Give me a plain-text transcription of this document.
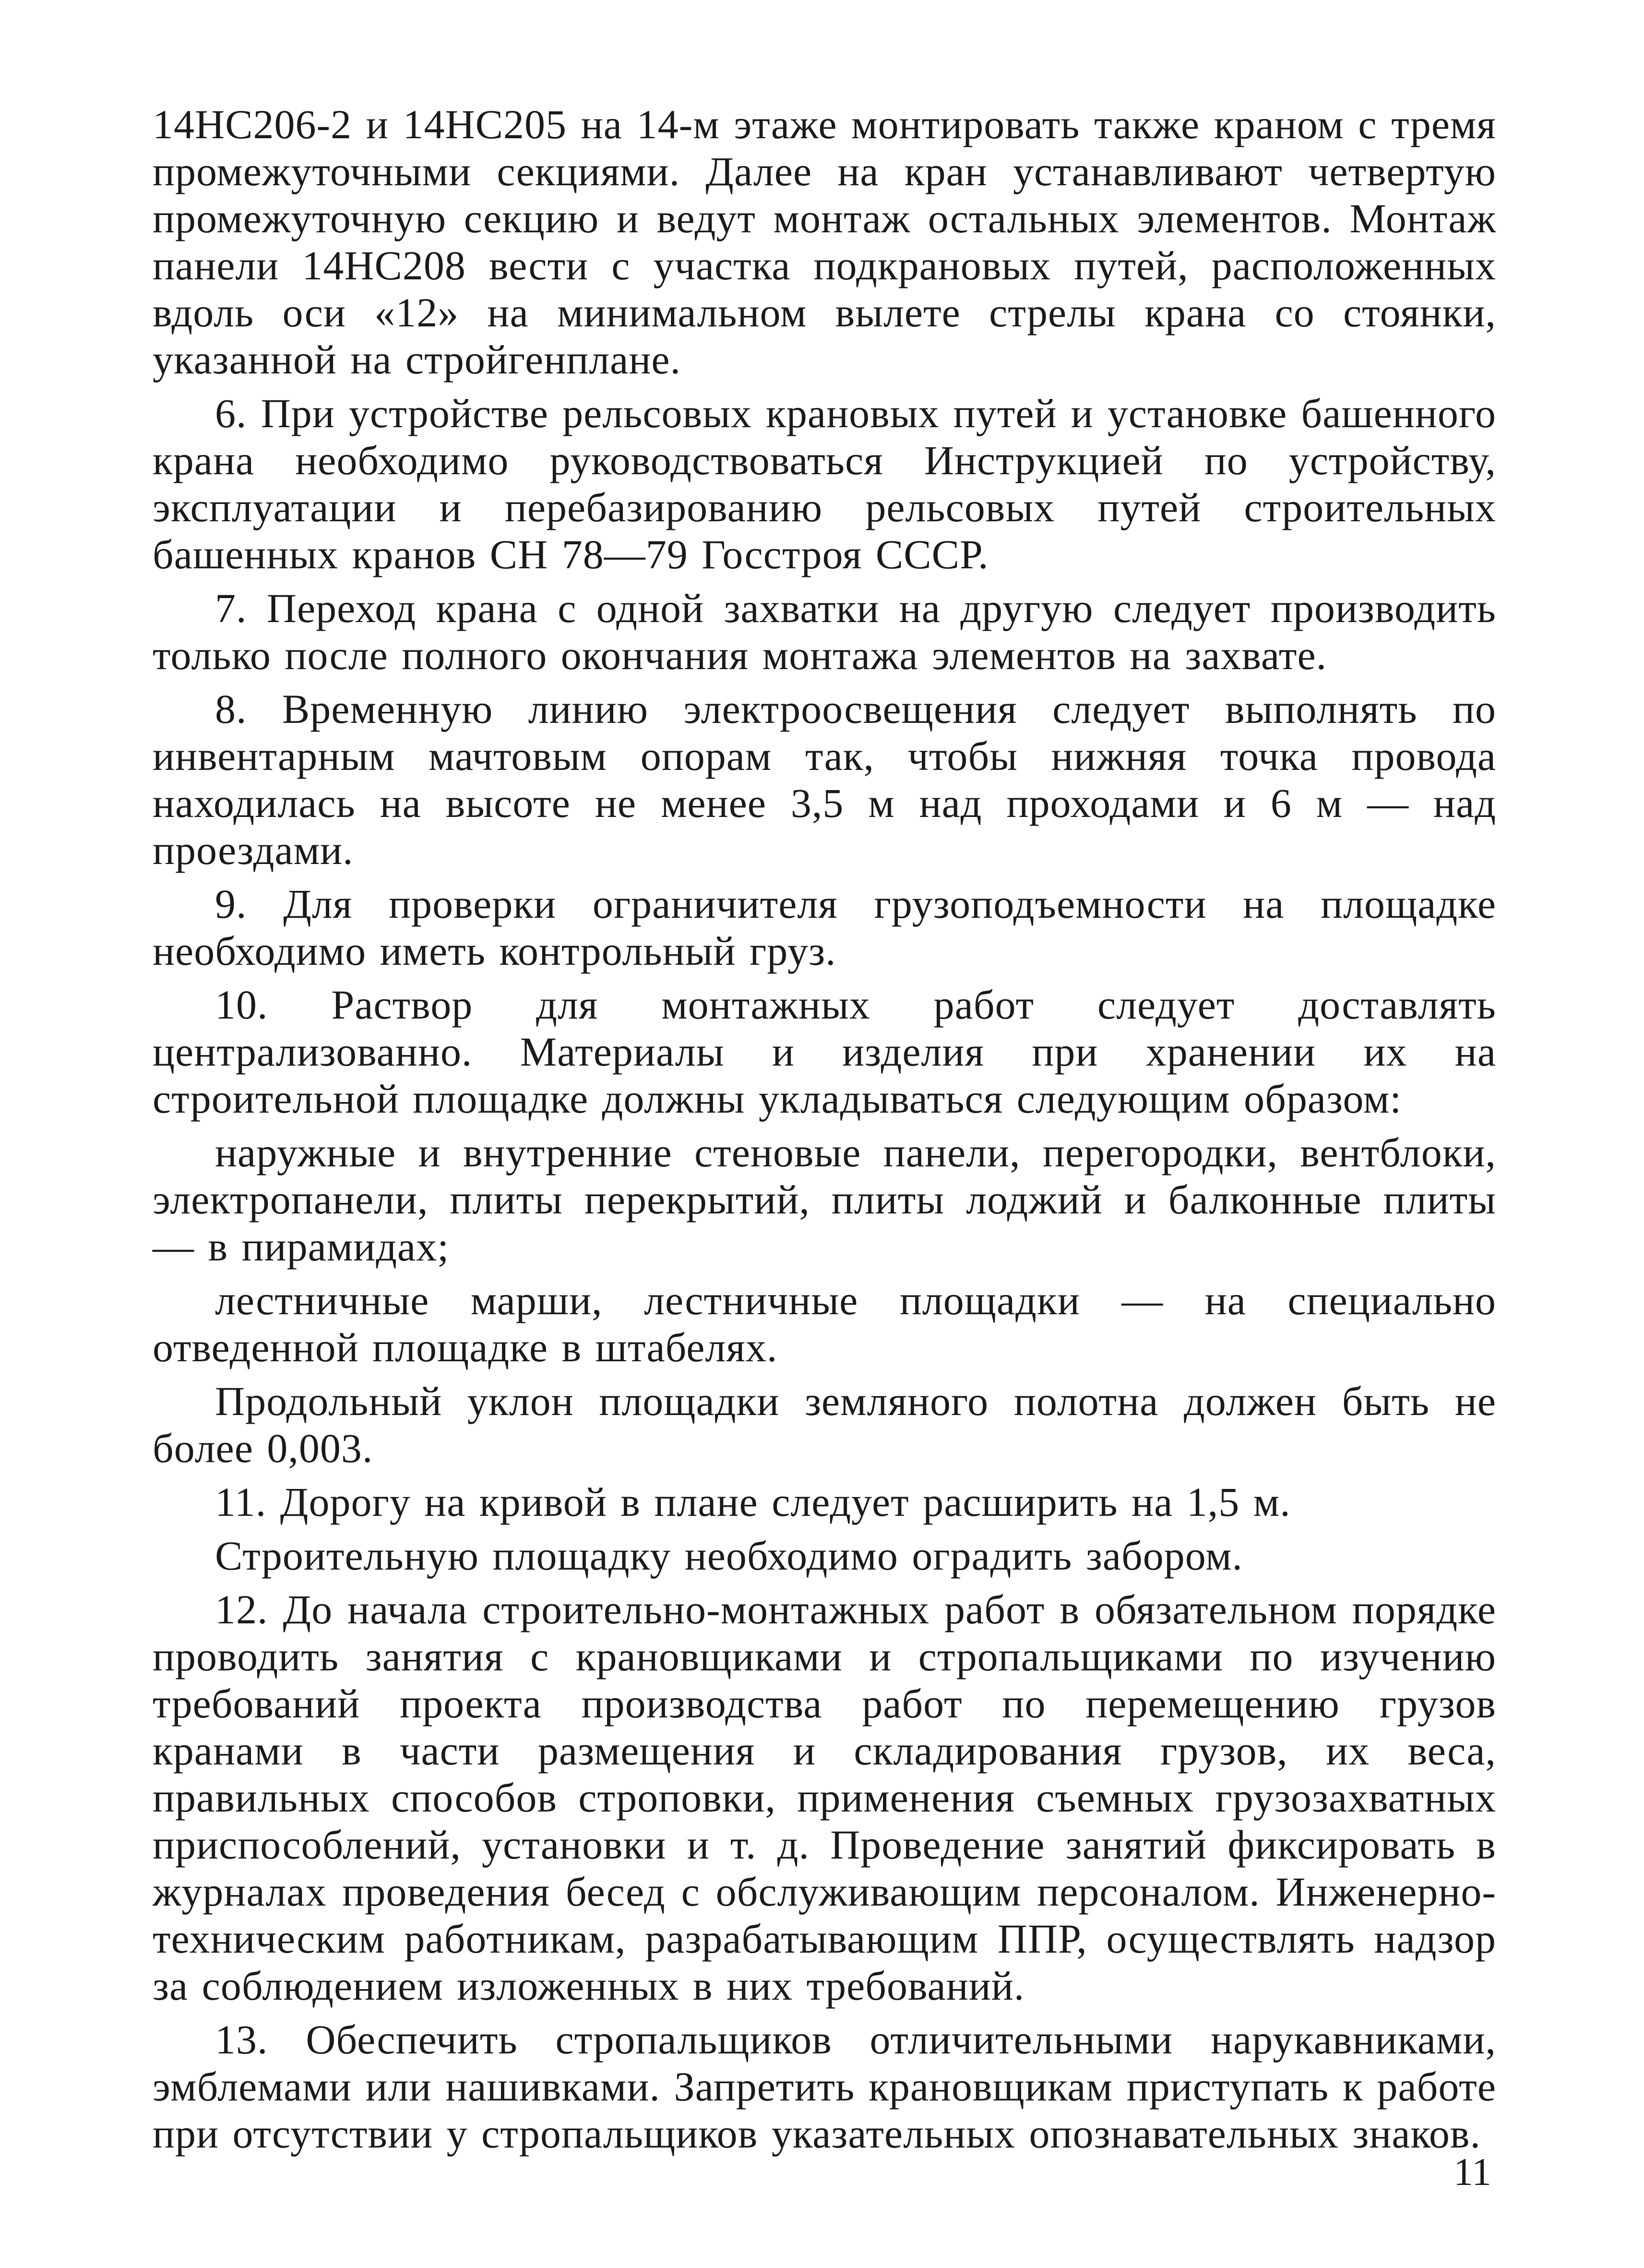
14НС206-2 и 14НС205 на 14-м этаже монтировать также краном с тремя промежуточными секциями. Далее на кран устанавливают четвертую промежуточную секцию и ведут монтаж остальных элементов. Монтаж панели 14НС208 вести с участка подкрановых путей, расположенных вдоль оси «12» на минимальном вылете стрелы крана со стоянки, указанной на стройгенплане.

6. При устройстве рельсовых крановых путей и установке башенного крана необходимо руководствоваться Инструкцией по устройству, эксплуатации и перебазированию рельсовых путей строительных башенных кранов СН 78—79 Госстроя СССР.

7. Переход крана с одной захватки на другую следует производить только после полного окончания монтажа элементов на захвате.

8. Временную линию электроосвещения следует выполнять по инвентарным мачтовым опорам так, чтобы нижняя точка провода находилась на высоте не менее 3,5 м над проходами и 6 м — над проездами.

9. Для проверки ограничителя грузоподъемности на площадке необходимо иметь контрольный груз.

10. Раствор для монтажных работ следует доставлять централизованно. Материалы и изделия при хранении их на строительной площадке должны укладываться следующим образом:

наружные и внутренние стеновые панели, перегородки, вентблоки, электропанели, плиты перекрытий, плиты лоджий и балконные плиты — в пирамидах;

лестничные марши, лестничные площадки — на специально отведенной площадке в штабелях.

Продольный уклон площадки земляного полотна должен быть не более 0,003.

11. Дорогу на кривой в плане следует расширить на 1,5 м.

Строительную площадку необходимо оградить забором.

12. До начала строительно-монтажных работ в обязательном порядке проводить занятия с крановщиками и стропальщиками по изучению требований проекта производства работ по перемещению грузов кранами в части размещения и складирования грузов, их веса, правильных способов строповки, применения съемных грузозахватных приспособлений, установки и т. д. Проведение занятий фиксировать в журналах проведения бесед с обслуживающим персоналом. Инженерно-техническим работникам, разрабатывающим ППР, осуществлять надзор за соблюдением изложенных в них требований.

13. Обеспечить стропальщиков отличительными нарукавниками, эмблемами или нашивками. Запретить крановщикам приступать к работе при отсутствии у стропальщиков указательных опознавательных знаков.

11
